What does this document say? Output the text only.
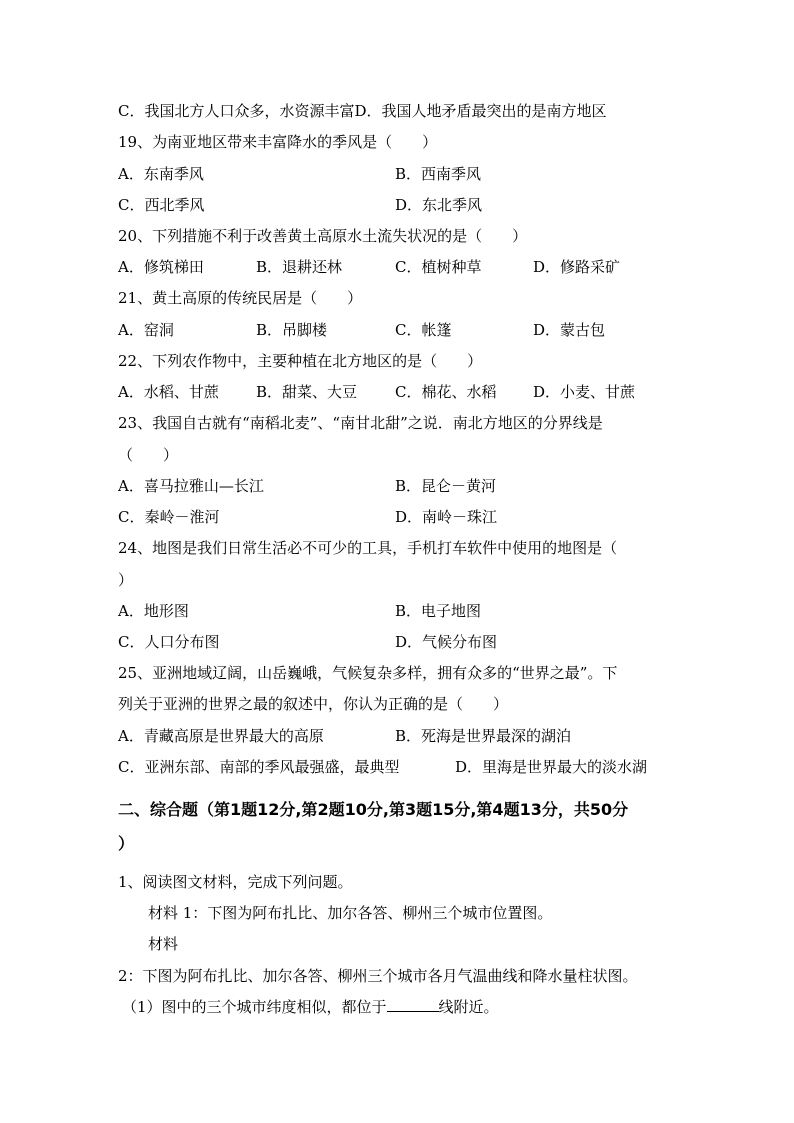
C．我国北方人口众多，水资源丰富D．我国人地矛盾最突出的是南方地区
19、为南亚地区带来丰富降水的季风是（　　）
A．东南季风	B．西南季风
C．西北季风	D．东北季风
20、下列措施不利于改善黄土高原水土流失状况的是（　　）
A．修筑梯田	B．退耕还林	C．植树种草	D．修路采矿
21、黄土高原的传统民居是（　　）
A．窑洞	B．吊脚楼	C．帐篷	D．蒙古包
22、下列农作物中，主要种植在北方地区的是（　　）
A．水稻、甘蔗 B．甜菜、大豆	C．棉花、水稻 D．小麦、甘蔗
23、我国自古就有“南稻北麦”、“南甘北甜”之说．南北方地区的分界线是
（　　）
A．喜马拉雅山—长江	B．昆仑－黄河
C．秦岭－淮河	D．南岭－珠江
24、地图是我们日常生活必不可少的工具，手机打车软件中使用的地图是（
）
A．地形图	B．电子地图
C．人口分布图	D．气候分布图
25、亚洲地域辽阔，山岳巍峨，气候复杂多样，拥有众多的“世界之最”。下
列关于亚洲的世界之最的叙述中，你认为正确的是（　　）
A．青藏高原是世界最大的高原	B．死海是世界最深的湖泊
C．亚洲东部、南部的季风最强盛，最典型	D．里海是世界最大的淡水湖
二、综合题（第1题12分,第2题10分,第3题15分,第4题13分，共50分
）
1、阅读图文材料，完成下列问题。
材料 1：下图为阿布扎比、加尔各答、柳州三个城市位置图。
材料
2：下图为阿布扎比、加尔各答、柳州三个城市各月气温曲线和降水量柱状图。
（1）图中的三个城市纬度相似，都位于	线附近。
